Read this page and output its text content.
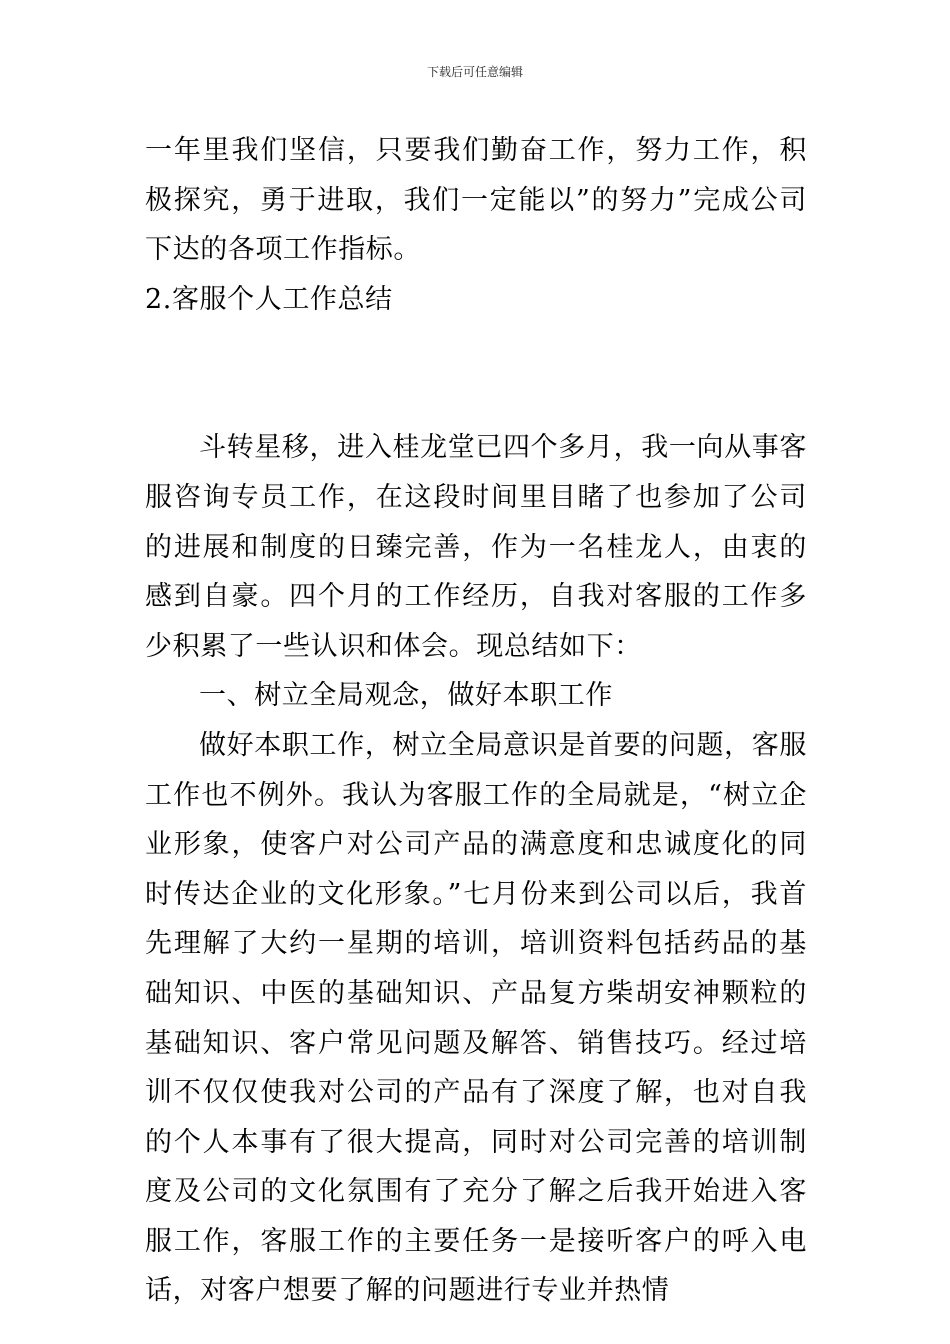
下载后可任意编辑

一年里我们坚信，只要我们勤奋工作，努力工作，积极探究，勇于进取，我们一定能以”的努力”完成公司下达的各项工作指标。

2.客服个人工作总结

斗转星移，进入桂龙堂已四个多月，我一向从事客服咨询专员工作，在这段时间里目睹了也参加了公司的进展和制度的日臻完善，作为一名桂龙人，由衷的感到自豪。四个月的工作经历，自我对客服的工作多少积累了一些认识和体会。现总结如下：

一、树立全局观念，做好本职工作

做好本职工作，树立全局意识是首要的问题，客服工作也不例外。我认为客服工作的全局就是，“树立企业形象，使客户对公司产品的满意度和忠诚度化的同时传达企业的文化形象。”七月份来到公司以后，我首先理解了大约一星期的培训，培训资料包括药品的基础知识、中医的基础知识、产品复方柴胡安神颗粒的基础知识、客户常见问题及解答、销售技巧。经过培训不仅仅使我对公司的产品有了深度了解，也对自我的个人本事有了很大提高，同时对公司完善的培训制度及公司的文化氛围有了充分了解之后我开始进入客服工作，客服工作的主要任务一是接听客户的呼入电话，对客户想要了解的问题进行专业并热情
